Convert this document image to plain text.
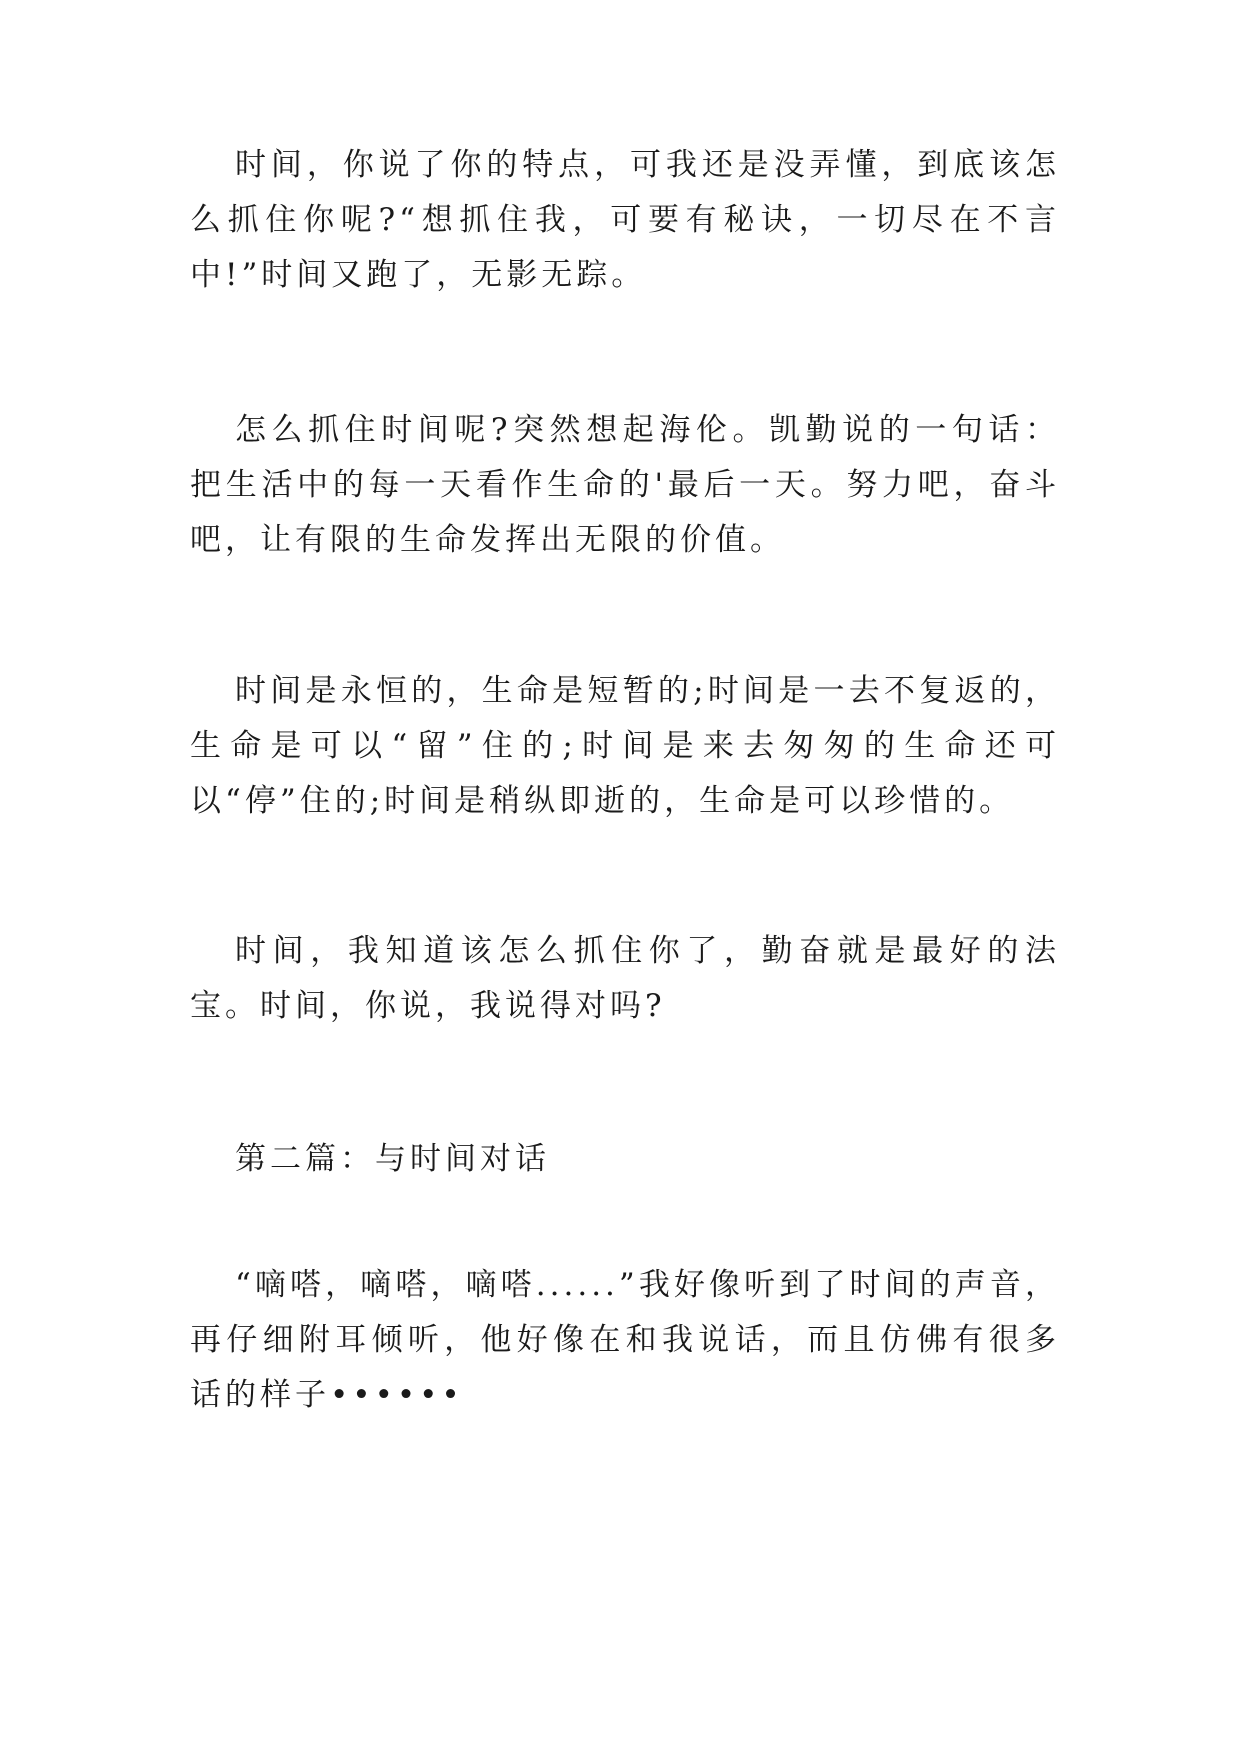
时间，你说了你的特点，可我还是没弄懂，到底该怎么抓住你呢?“想抓住我，可要有秘诀，一切尽在不言中!”时间又跑了，无影无踪。

怎么抓住时间呢?突然想起海伦。凯勤说的一句话：把生活中的每一天看作生命的'最后一天。努力吧，奋斗吧，让有限的生命发挥出无限的价值。

时间是永恒的，生命是短暂的;时间是一去不复返的，生命是可以“留”住的;时间是来去匆匆的生命还可以“停”住的;时间是稍纵即逝的，生命是可以珍惜的。

时间，我知道该怎么抓住你了，勤奋就是最好的法宝。时间，你说，我说得对吗?

第二篇：与时间对话

“嘀嗒，嘀嗒，嘀嗒......”我好像听到了时间的声音，再仔细附耳倾听，他好像在和我说话，而且仿佛有很多话的样子••••••
